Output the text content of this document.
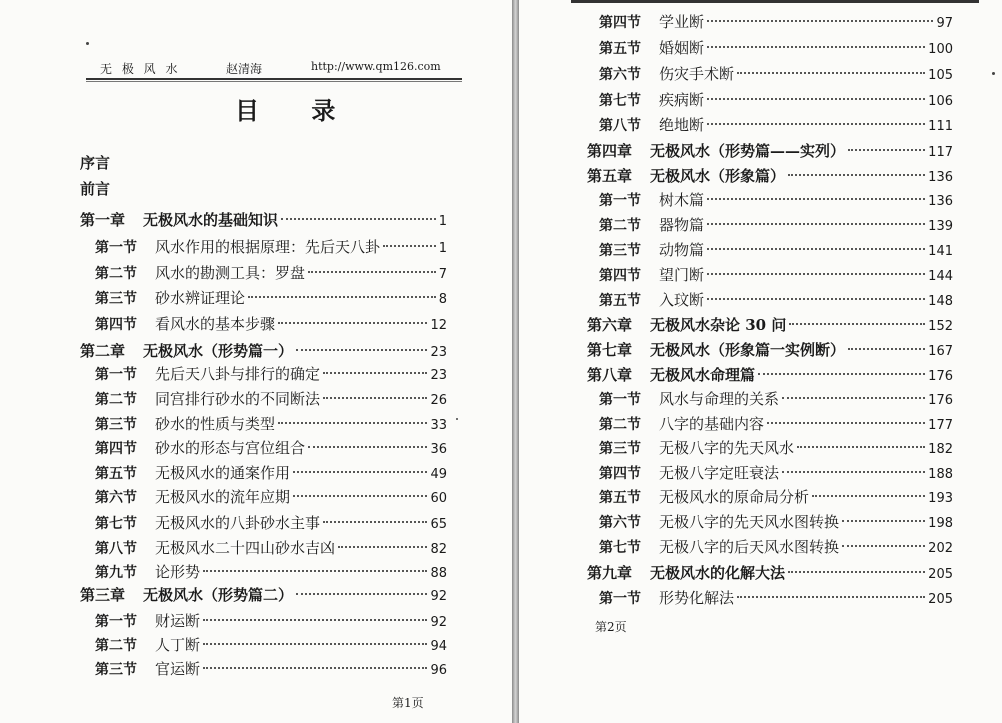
无 极 风 水	赵清海	http://www.qm126.com
目 录
序言
前言
第一章 无极风水的基础知识	1
第一节 风水作用的根据原理：先后天八卦	1
第二节 风水的勘测工具：罗盘	7
第三节 砂水辨证理论	8
第四节 看风水的基本步骤	12
第二章 无极风水（形势篇一）	23
第一节 先后天八卦与排行的确定	23
第二节 同宫排行砂水的不同断法	26
第三节 砂水的性质与类型	33
第四节 砂水的形态与宫位组合	36
第五节 无极风水的通案作用	49
第六节 无极风水的流年应期	60
第七节 无极风水的八卦砂水主事	65
第八节 无极风水二十四山砂水吉凶	82
第九节 论形势	88
第三章 无极风水（形势篇二）	92
第一节 财运断	92
第二节 人丁断	94
第三节 官运断	96
第1页
第四节 学业断	97
第五节 婚姻断	100
第六节 伤灾手术断	105
第七节 疾病断	106
第八节 绝地断	111
第四章 无极风水（形势篇——实列）	117
第五章 无极风水（形象篇）	136
第一节 树木篇	136
第二节 器物篇	139
第三节 动物篇	141
第四节 望门断	144
第五节 入玟断	148
第六章 无极风水杂论 30 问	152
第七章 无极风水（形象篇一实例断）	167
第八章 无极风水命理篇	176
第一节 风水与命理的关系	176
第二节 八字的基础内容	177
第三节 无极八字的先天风水	182
第四节 无极八字定旺衰法	188
第五节 无极风水的原命局分析	193
第六节 无极八字的先天风水图转换	198
第七节 无极八字的后天风水图转换	202
第九章 无极风水的化解大法	205
第一节 形势化解法	205
第2页
